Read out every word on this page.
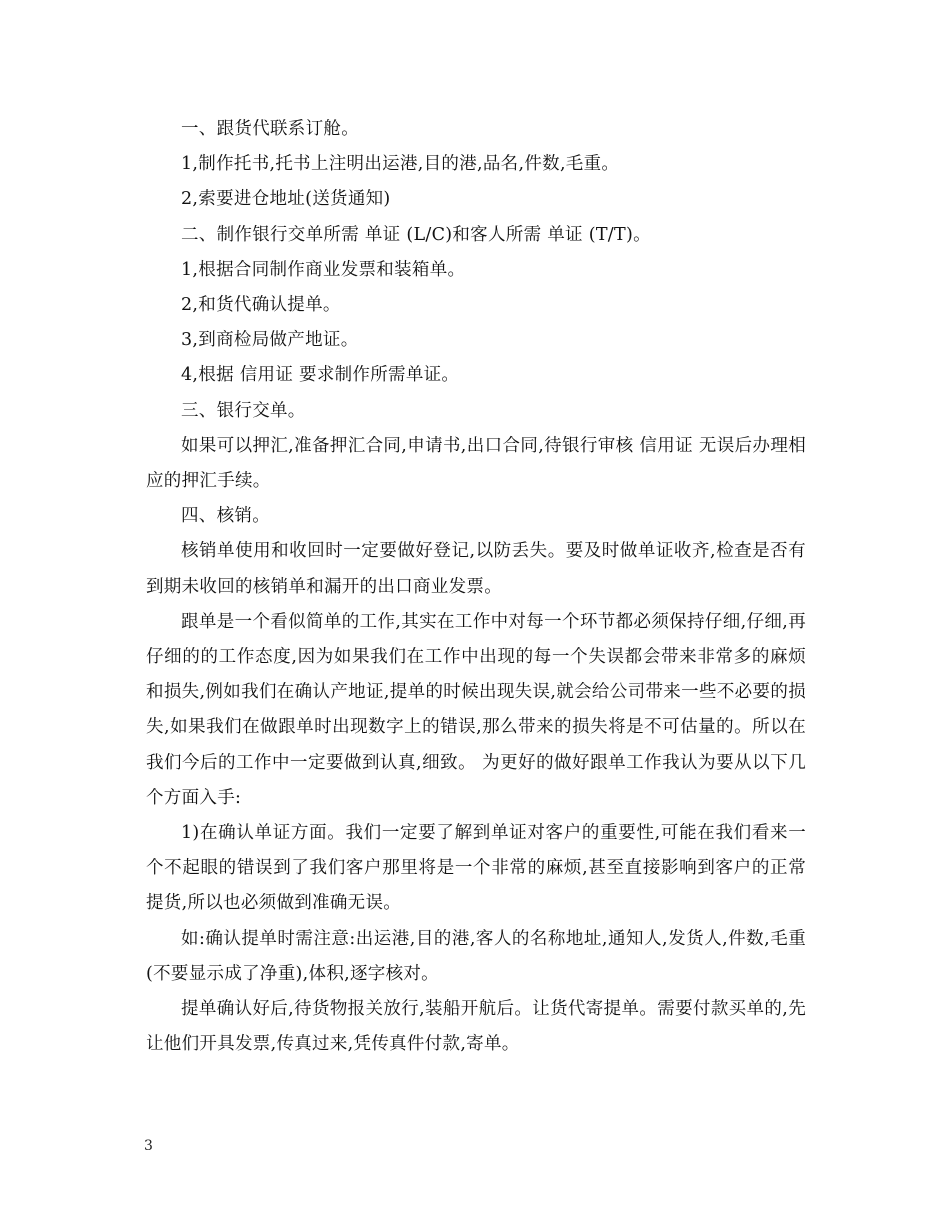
一、跟货代联系订舱。

1,制作托书,托书上注明出运港,目的港,品名,件数,毛重。

2,索要进仓地址(送货通知)

二、制作银行交单所需 单证 (L/C)和客人所需 单证 (T/T)。

1,根据合同制作商业发票和装箱单。

2,和货代确认提单。

3,到商检局做产地证。

4,根据 信用证 要求制作所需单证。

三、银行交单。

如果可以押汇,准备押汇合同,申请书,出口合同,待银行审核 信用证 无误后办理相应的押汇手续。

四、核销。

核销单使用和收回时一定要做好登记,以防丢失。要及时做单证收齐,检查是否有到期未收回的核销单和漏开的出口商业发票。

跟单是一个看似简单的工作,其实在工作中对每一个环节都必须保持仔细,仔细,再仔细的的工作态度,因为如果我们在工作中出现的每一个失误都会带来非常多的麻烦和损失,例如我们在确认产地证,提单的时候出现失误,就会给公司带来一些不必要的损失,如果我们在做跟单时出现数字上的错误,那么带来的损失将是不可估量的。所以在我们今后的工作中一定要做到认真,细致。 为更好的做好跟单工作我认为要从以下几个方面入手:

1)在确认单证方面。我们一定要了解到单证对客户的重要性,可能在我们看来一个不起眼的错误到了我们客户那里将是一个非常的麻烦,甚至直接影响到客户的正常提货,所以也必须做到准确无误。

如:确认提单时需注意:出运港,目的港,客人的名称地址,通知人,发货人,件数,毛重(不要显示成了净重),体积,逐字核对。

提单确认好后,待货物报关放行,装船开航后。让货代寄提单。需要付款买单的,先让他们开具发票,传真过来,凭传真件付款,寄单。

3
